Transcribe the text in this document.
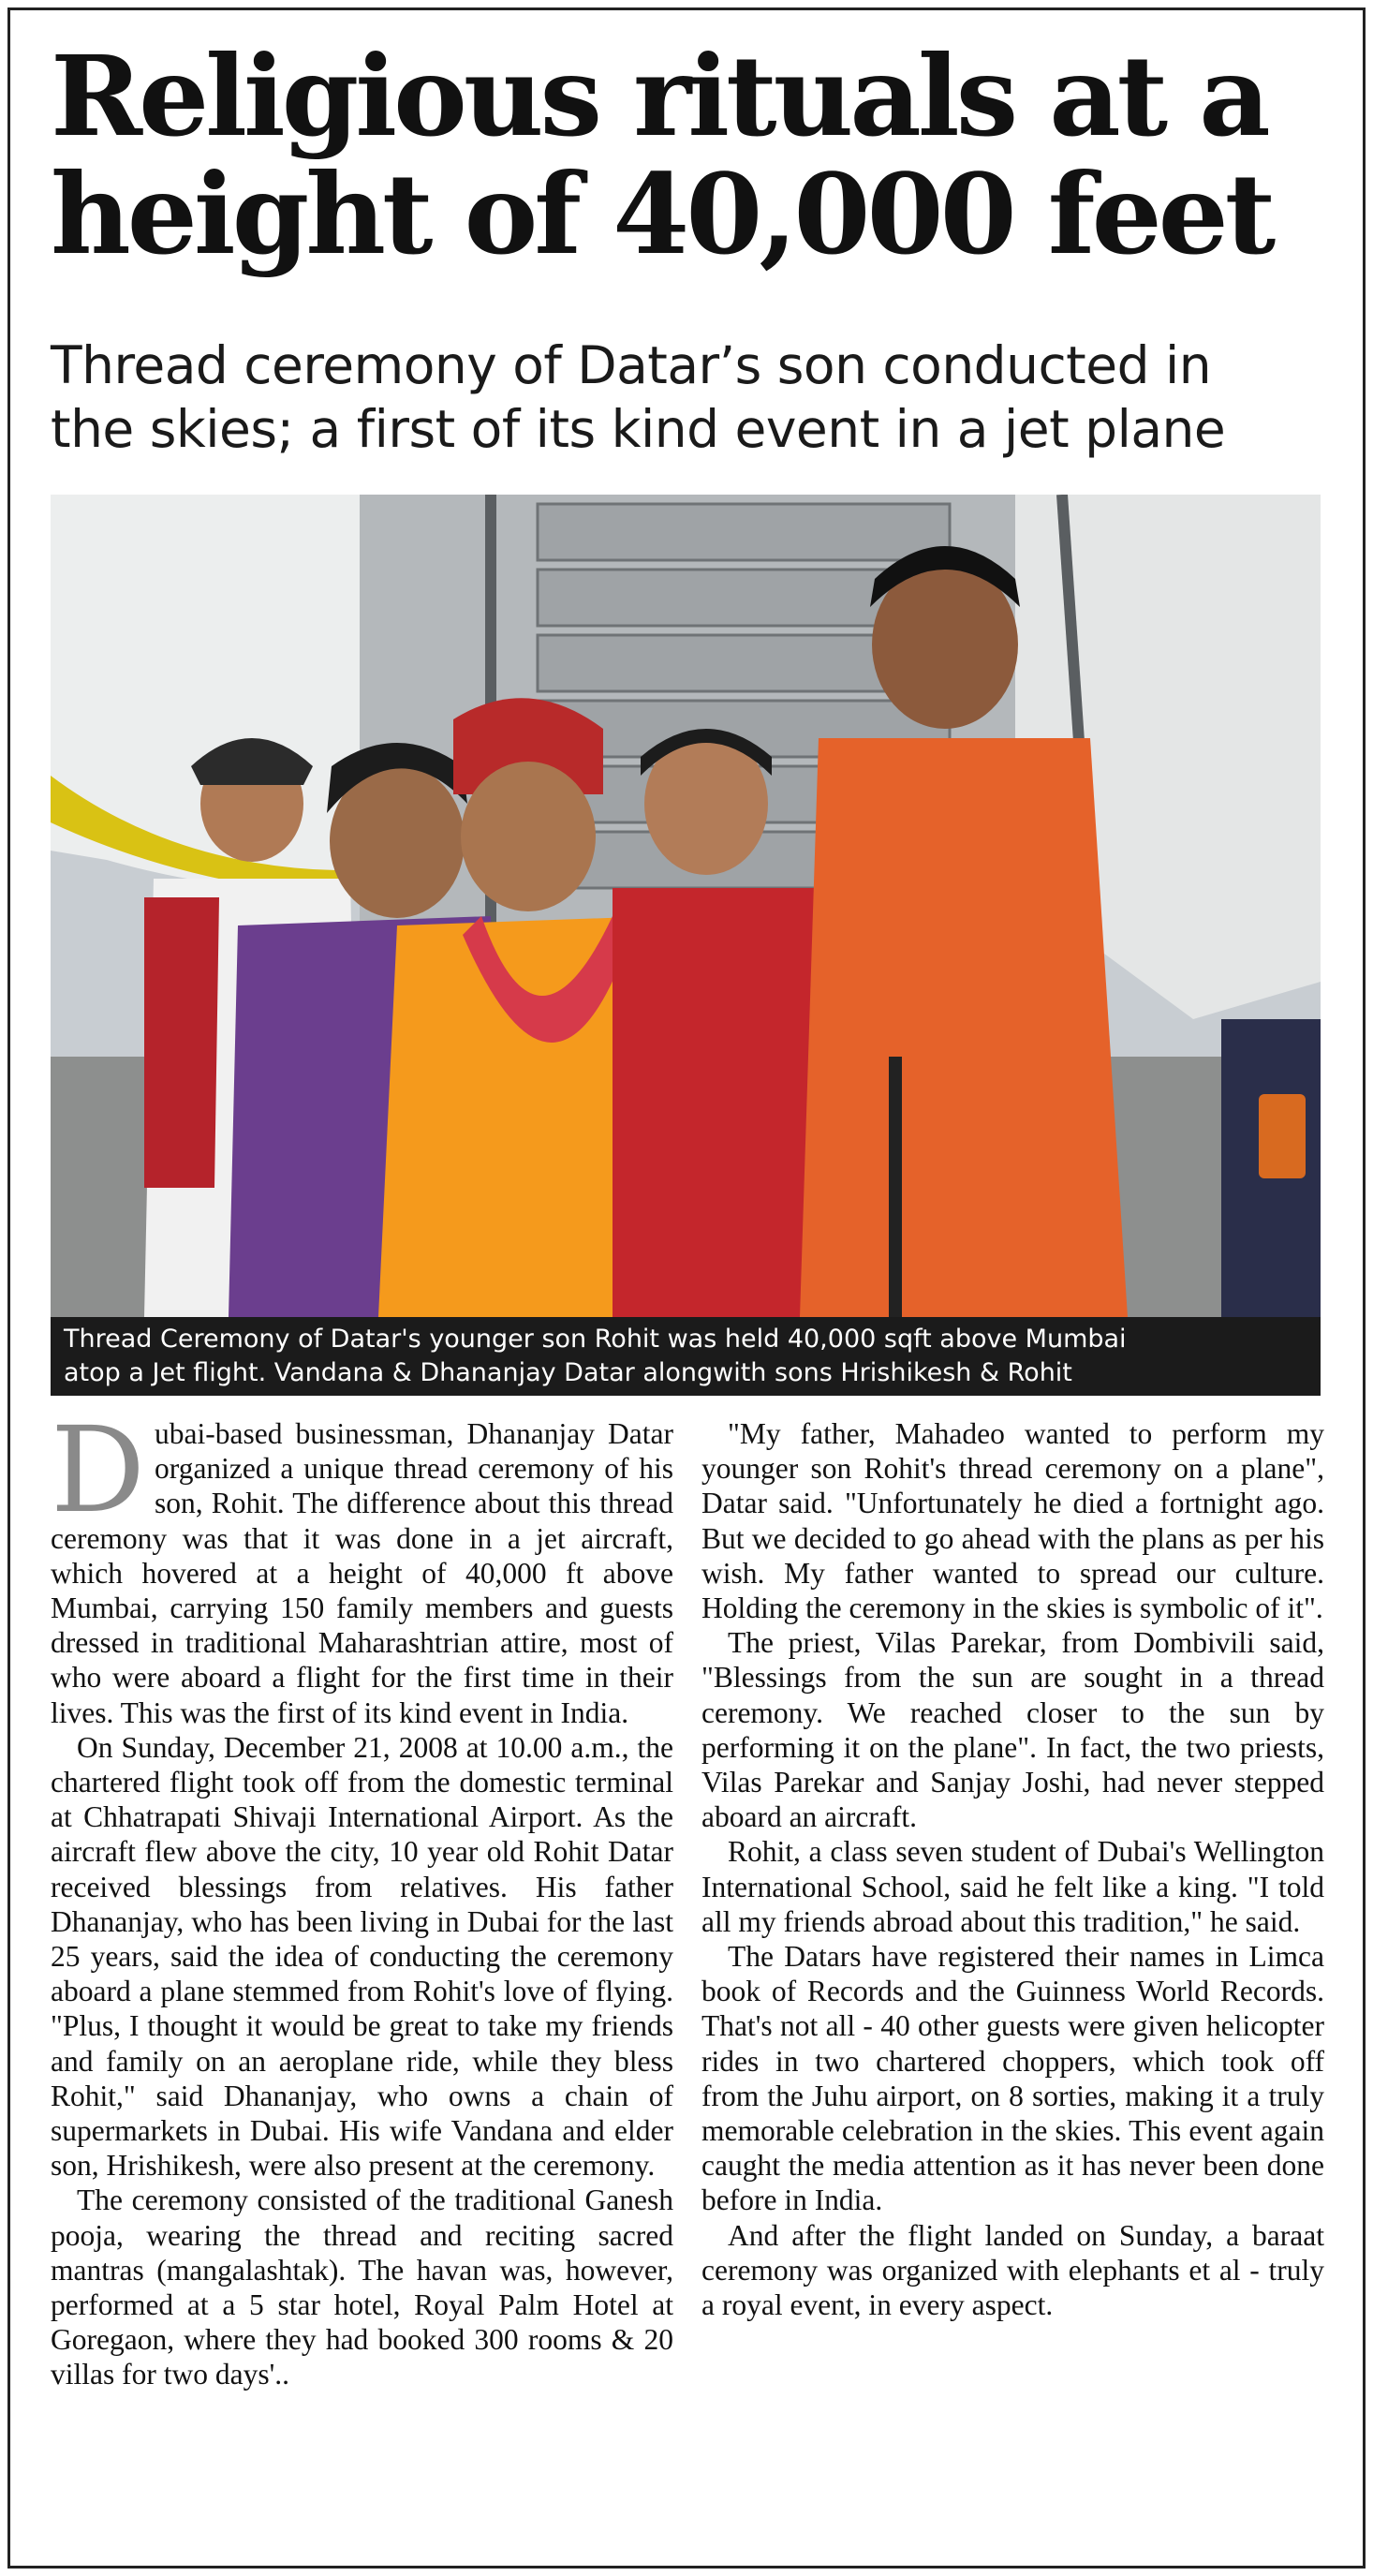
Religious rituals at a
height of 40,000 feet
Thread ceremony of Datar’s son conducted in
the skies; a first of its kind event in a jet plane
Thread Ceremony of Datar's younger son Rohit was held 40,000 sqft above Mumbai
atop a Jet flight. Vandana & Dhananjay Datar alongwith sons Hrishikesh & Rohit

Dubai-based businessman, Dhananjay Datar organized a unique thread ceremony of his son, Rohit. The difference about this thread ceremony was that it was done in a jet aircraft, which hovered at a height of 40,000 ft above Mumbai, carrying 150 family members and guests dressed in traditional Maharashtrian attire, most of who were aboard a flight for the first time in their lives. This was the first of its kind event in India.

On Sunday, December 21, 2008 at 10.00 a.m., the chartered flight took off from the domestic terminal at Chhatrapati Shivaji International Airport. As the aircraft flew above the city, 10 year old Rohit Datar received blessings from relatives. His father Dhananjay, who has been living in Dubai for the last 25 years, said the idea of conducting the ceremony aboard a plane stemmed from Rohit's love of flying. "Plus, I thought it would be great to take my friends and family on an aeroplane ride, while they bless Rohit," said Dhananjay, who owns a chain of supermarkets in Dubai. His wife Vandana and elder son, Hrishikesh, were also present at the ceremony.

The ceremony consisted of the traditional Ganesh pooja, wearing the thread and reciting sacred mantras (mangalashtak). The havan was, however, performed at a 5 star hotel, Royal Palm Hotel at Goregaon, where they had booked 300 rooms & 20 villas for two days'..

"My father, Mahadeo wanted to perform my younger son Rohit's thread ceremony on a plane", Datar said. "Unfortunately he died a fortnight ago. But we decided to go ahead with the plans as per his wish. My father wanted to spread our culture. Holding the ceremony in the skies is symbolic of it".

The priest, Vilas Parekar, from Dombivili said, "Blessings from the sun are sought in a thread ceremony. We reached closer to the sun by performing it on the plane". In fact, the two priests, Vilas Parekar and Sanjay Joshi, had never stepped aboard an aircraft.

Rohit, a class seven student of Dubai's Wellington International School, said he felt like a king. "I told all my friends abroad about this tradition," he said.

The Datars have registered their names in Limca book of Records and the Guinness World Records. That's not all - 40 other guests were given helicopter rides in two chartered choppers, which took off from the Juhu airport, on 8 sorties, making it a truly memorable celebration in the skies. This event again caught the media attention as it has never been done before in India.

And after the flight landed on Sunday, a baraat ceremony was organized with elephants et al - truly a royal event, in every aspect.
